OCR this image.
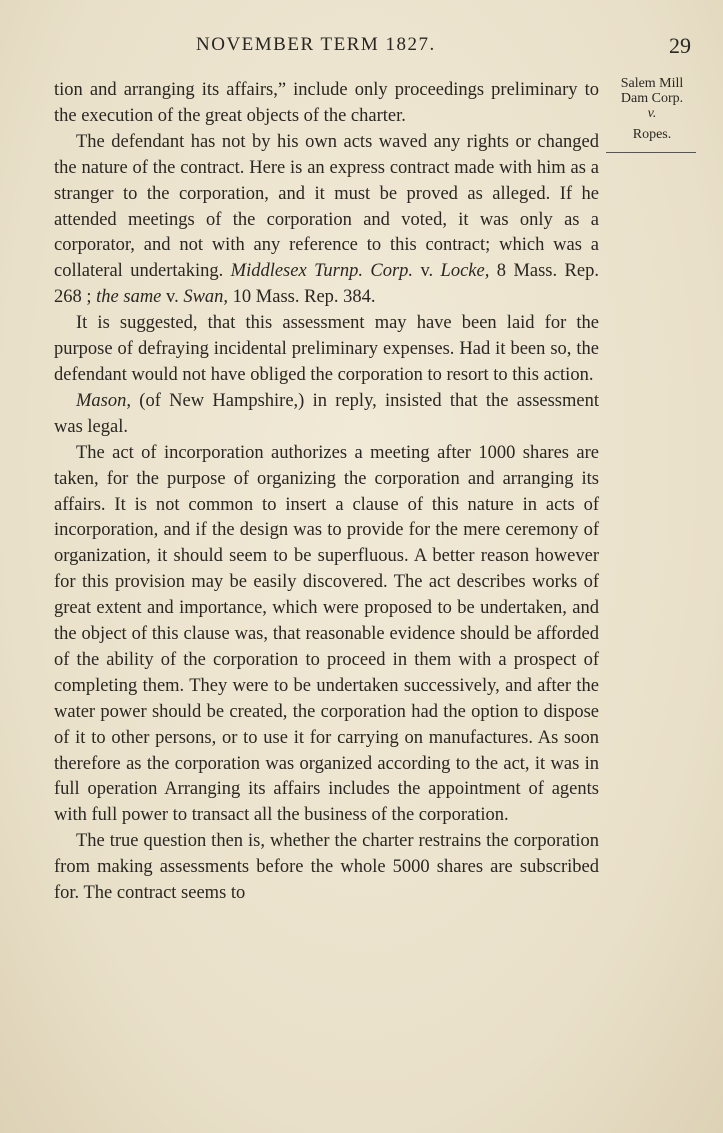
NOVEMBER TERM 1827.	29
Salem Mill
Dam Corp.
v.
Ropes.

tion and arranging its affairs,” include only proceedings preliminary to the execution of the great objects of the charter.

The defendant has not by his own acts waved any rights or changed the nature of the contract. Here is an express contract made with him as a stranger to the corporation, and it must be proved as alleged. If he attended meetings of the corporation and voted, it was only as a corporator, and not with any reference to this contract; which was a collateral undertaking. Middlesex Turnp. Corp. v. Locke, 8 Mass. Rep. 268 ; the same v. Swan, 10 Mass. Rep. 384.

It is suggested, that this assessment may have been laid for the purpose of defraying incidental preliminary expenses. Had it been so, the defendant would not have obliged the corporation to resort to this action.

Mason, (of New Hampshire,) in reply, insisted that the assessment was legal.

The act of incorporation authorizes a meeting after 1000 shares are taken, for the purpose of organizing the corporation and arranging its affairs. It is not common to insert a clause of this nature in acts of incorporation, and if the design was to provide for the mere ceremony of organization, it should seem to be superfluous. A better reason however for this provision may be easily discovered. The act describes works of great extent and importance, which were proposed to be undertaken, and the object of this clause was, that reasonable evidence should be afforded of the ability of the corporation to proceed in them with a prospect of completing them. They were to be undertaken successively, and after the water power should be created, the corporation had the option to dispose of it to other persons, or to use it for carrying on manufactures. As soon therefore as the corporation was organized according to the act, it was in full operation Arranging its affairs includes the appointment of agents with full power to transact all the business of the corporation.

The true question then is, whether the charter restrains the corporation from making assessments before the whole 5000 shares are subscribed for. The contract seems to
